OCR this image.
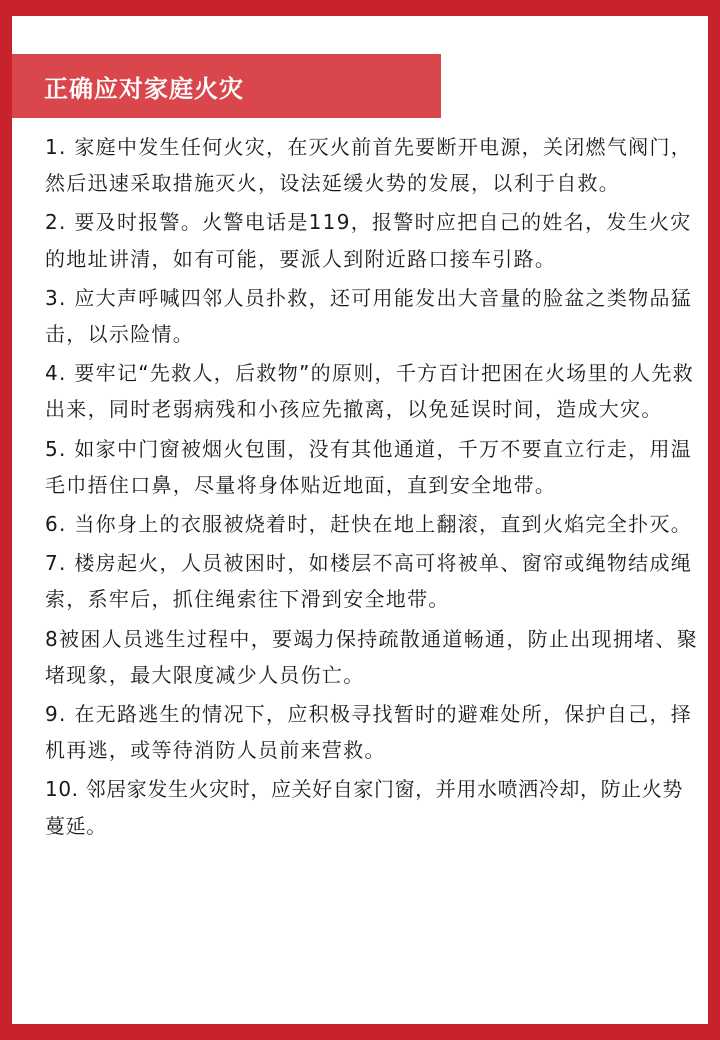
正确应对家庭火灾
1. 家庭中发生任何火灾，在灭火前首先要断开电源，关闭燃气阀门，然后迅速采取措施灭火，设法延缓火势的发展，以利于自救。
2. 要及时报警。火警电话是119，报警时应把自己的姓名，发生火灾的地址讲清，如有可能，要派人到附近路口接车引路。
3. 应大声呼喊四邻人员扑救，还可用能发出大音量的脸盆之类物品猛击，以示险情。
4. 要牢记“先救人，后救物”的原则，千方百计把困在火场里的人先救出来，同时老弱病残和小孩应先撤离，以免延误时间，造成大灾。
5. 如家中门窗被烟火包围，没有其他通道，千万不要直立行走，用温毛巾捂住口鼻，尽量将身体贴近地面，直到安全地带。
6. 当你身上的衣服被烧着时，赶快在地上翻滚，直到火焰完全扑灭。
7. 楼房起火，人员被困时，如楼层不高可将被单、窗帘或绳物结成绳索，系牢后，抓住绳索往下滑到安全地带。
8被困人员逃生过程中，要竭力保持疏散通道畅通，防止出现拥堵、聚堵现象，最大限度减少人员伤亡。
9. 在无路逃生的情况下，应积极寻找暂时的避难处所，保护自己，择机再逃，或等待消防人员前来营救。
10. 邻居家发生火灾时，应关好自家门窗，并用水喷洒冷却，防止火势蔓延。
